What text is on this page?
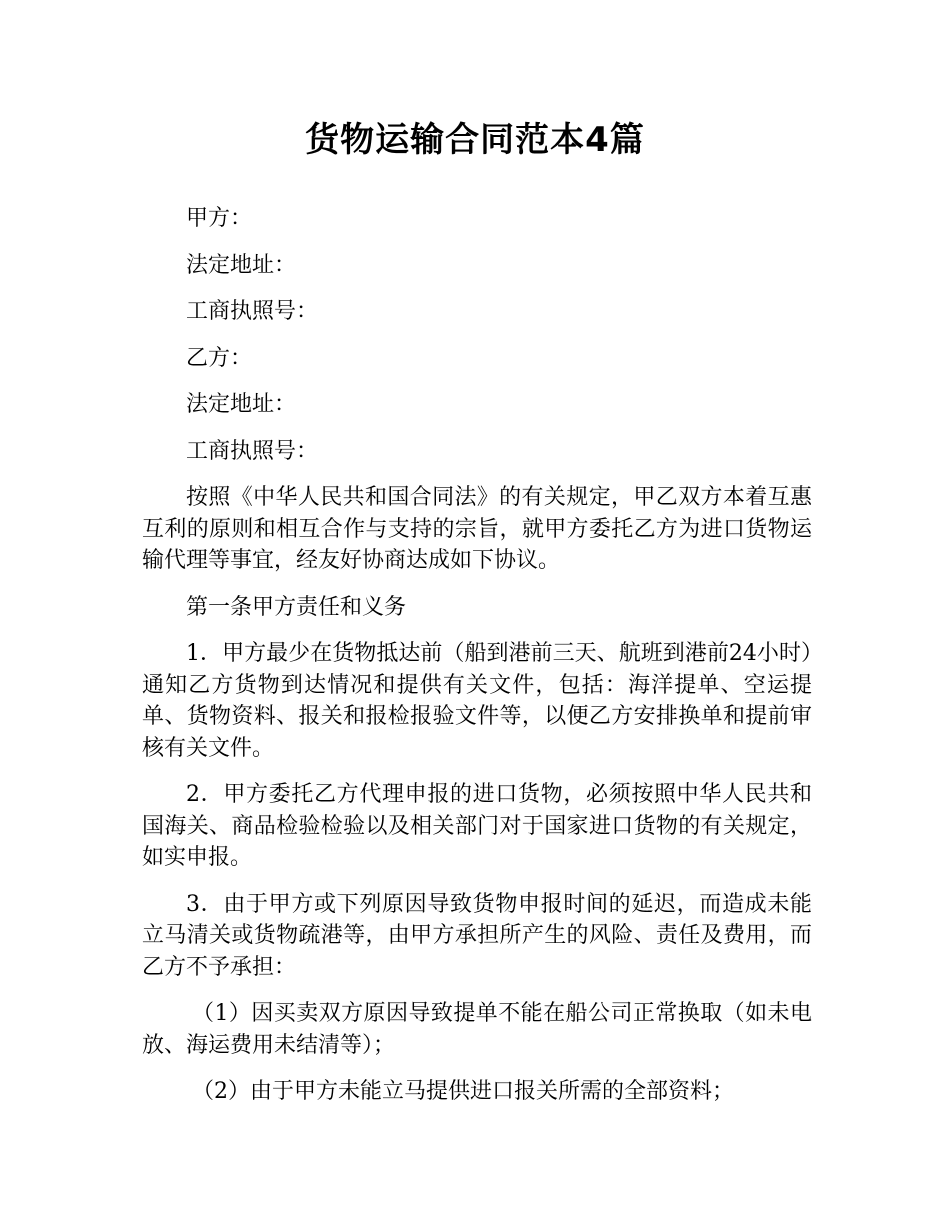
货物运输合同范本4篇

甲方：

法定地址：

工商执照号：

乙方：

法定地址：

工商执照号：

按照《中华人民共和国合同法》的有关规定，甲乙双方本着互惠互利的原则和相互合作与支持的宗旨，就甲方委托乙方为进口货物运输代理等事宜，经友好协商达成如下协议。

第一条甲方责任和义务

1．甲方最少在货物抵达前（船到港前三天、航班到港前24小时）通知乙方货物到达情况和提供有关文件，包括：海洋提单、空运提单、货物资料、报关和报检报验文件等，以便乙方安排换单和提前审核有关文件。

2．甲方委托乙方代理申报的进口货物，必须按照中华人民共和国海关、商品检验检验以及相关部门对于国家进口货物的有关规定，如实申报。

3．由于甲方或下列原因导致货物申报时间的延迟，而造成未能立马清关或货物疏港等，由甲方承担所产生的风险、责任及费用，而乙方不予承担：

（1）因买卖双方原因导致提单不能在船公司正常换取（如未电放、海运费用未结清等）；

（2）由于甲方未能立马提供进口报关所需的全部资料；
